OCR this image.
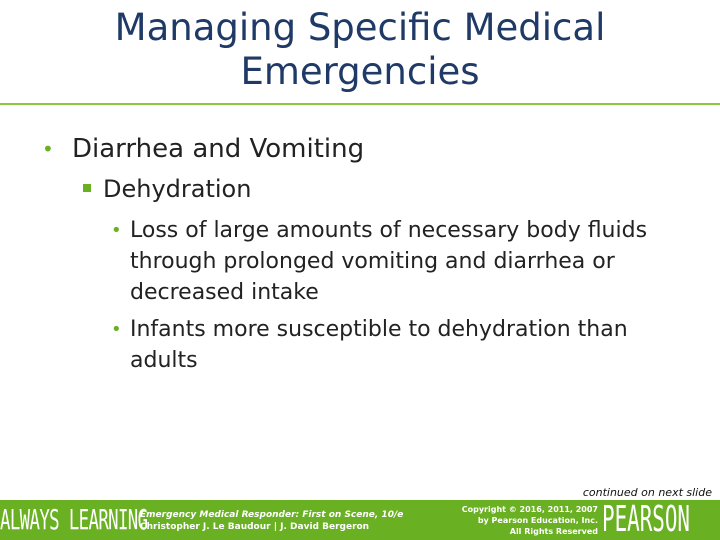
Managing Specific Medical
Emergencies
• Diarrhea and Vomiting
Dehydration
• Loss of large amounts of necessary body fluids through prolonged vomiting and diarrhea or decreased intake
• Infants more susceptible to dehydration than adults
continued on next slide
ALWAYS LEARNING
Emergency Medical Responder: First on Scene, 10/e
Christopher J. Le Baudour | J. David Bergeron
Copyright © 2016, 2011, 2007
by Pearson Education, Inc.
All Rights Reserved PEARSON
